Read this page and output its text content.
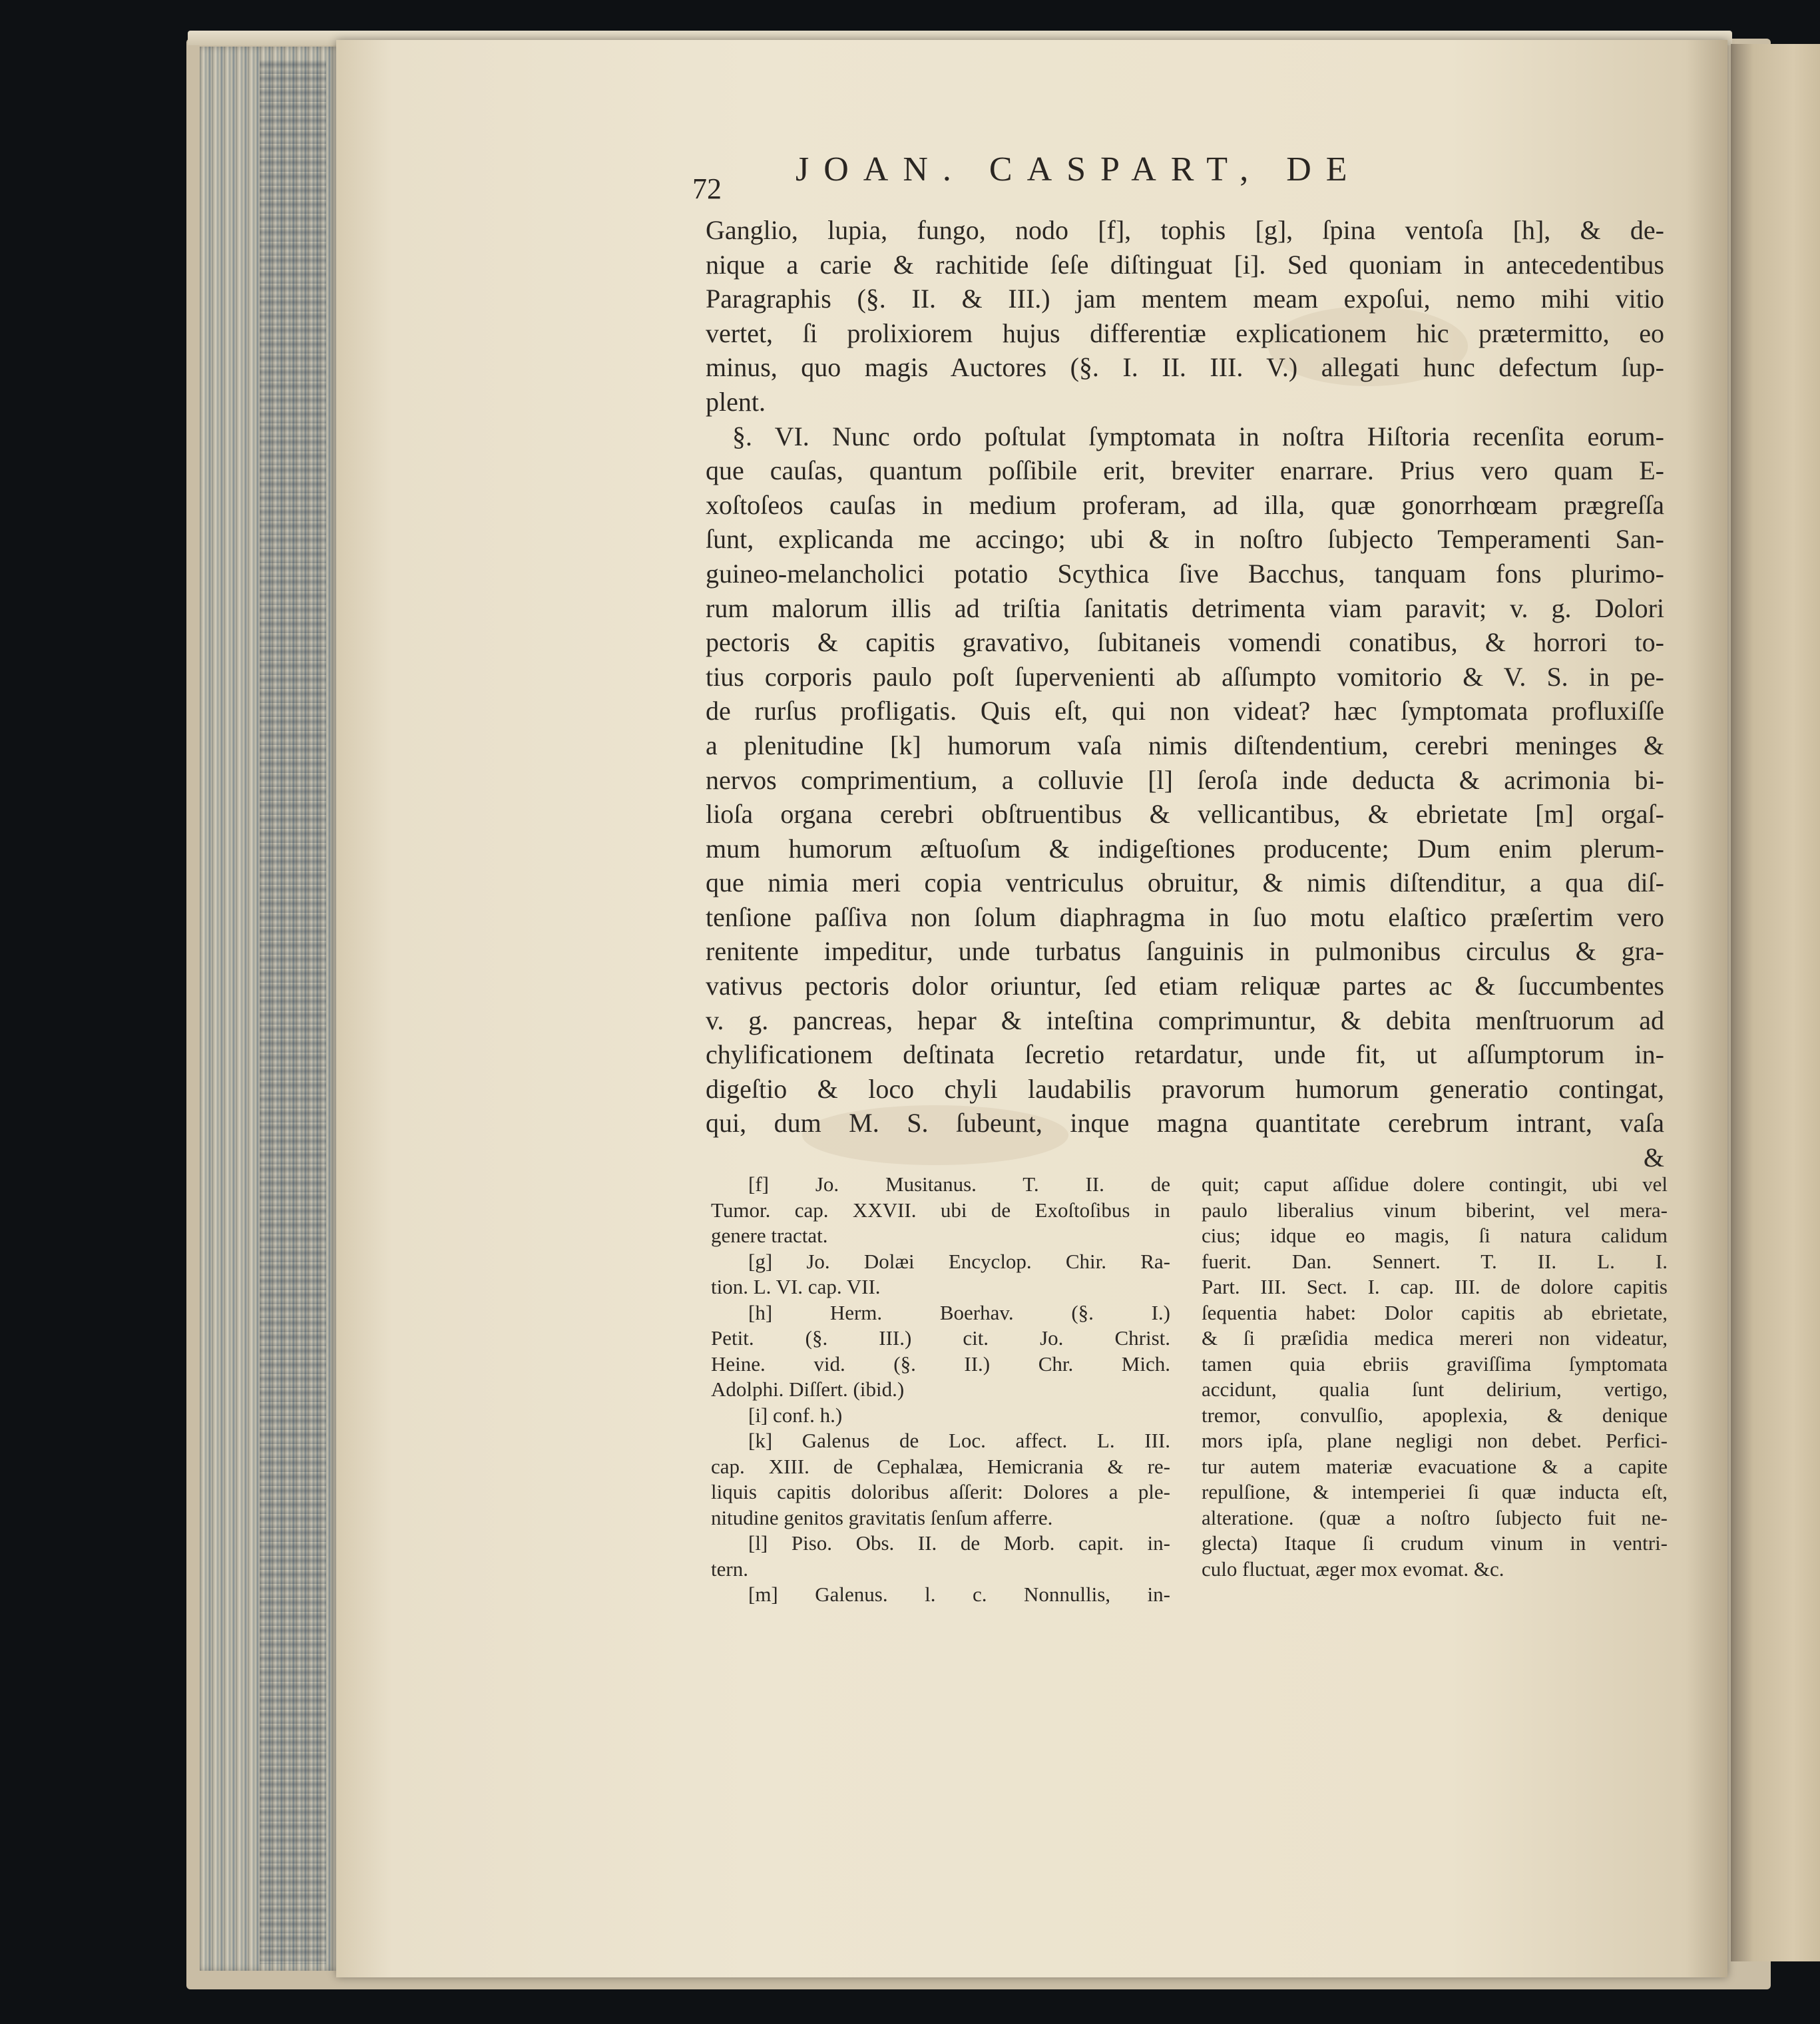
72
JOAN. CASPART, DE
Ganglio, lupia, fungo, nodo [f], tophis [g], ſpina ventoſa [h], & de-
nique a carie & rachitide ſeſe diſtinguat [i]. Sed quoniam in antecedentibus
Paragraphis (§. II. & III.) jam mentem meam expoſui, nemo mihi vitio
vertet, ſi prolixiorem hujus differentiæ explicationem hic prætermitto, eo
minus, quo magis Auctores (§. I. II. III. V.) allegati hunc defectum ſup-
plent.
§. VI. Nunc ordo poſtulat ſymptomata in noſtra Hiſtoria recenſita eorum-
que cauſas, quantum poſſibile erit, breviter enarrare. Prius vero quam E-
xoſtoſeos cauſas in medium proferam, ad illa, quæ gonorrhœam prægreſſa
ſunt, explicanda me accingo; ubi & in noſtro ſubjecto Temperamenti San-
guineo-melancholici potatio Scythica ſive Bacchus, tanquam fons plurimo-
rum malorum illis ad triſtia ſanitatis detrimenta viam paravit; v. g. Dolori
pectoris & capitis gravativo, ſubitaneis vomendi conatibus, & horrori to-
tius corporis paulo poſt ſupervenienti ab aſſumpto vomitorio & V. S. in pe-
de rurſus profligatis. Quis eſt, qui non videat? hæc ſymptomata profluxiſſe
a plenitudine [k] humorum vaſa nimis diſtendentium, cerebri meninges &
nervos comprimentium, a colluvie [l] ſeroſa inde deducta & acrimonia bi-
lioſa organa cerebri obſtruentibus & vellicantibus, & ebrietate [m] orgaſ-
mum humorum æſtuoſum & indigeſtiones producente; Dum enim plerum-
que nimia meri copia ventriculus obruitur, & nimis diſtenditur, a qua diſ-
tenſione paſſiva non ſolum diaphragma in ſuo motu elaſtico præſertim vero
renitente impeditur, unde turbatus ſanguinis in pulmonibus circulus & gra-
vativus pectoris dolor oriuntur, ſed etiam reliquæ partes ac & ſuccumbentes
v. g. pancreas, hepar & inteſtina comprimuntur, & debita menſtruorum ad
chylificationem deſtinata ſecretio retardatur, unde fit, ut aſſumptorum in-
digeſtio & loco chyli laudabilis pravorum humorum generatio contingat,
qui, dum M. S. ſubeunt, inque magna quantitate cerebrum intrant, vaſa
&
[f] Jo. Musitanus. T. II. de
Tumor. cap. XXVII. ubi de Exoſtoſibus in
genere tractat.
[g] Jo. Dolæi Encyclop. Chir. Ra-
tion. L. VI. cap. VII.
[h] Herm. Boerhav. (§. I.)
Petit. (§. III.) cit. Jo. Christ.
Heine. vid. (§. II.) Chr. Mich.
Adolphi. Diſſert. (ibid.)
[i] conf. h.)
[k] Galenus de Loc. affect. L. III.
cap. XIII. de Cephalæa, Hemicrania & re-
liquis capitis doloribus aſſerit: Dolores a ple-
nitudine genitos gravitatis ſenſum afferre.
[l] Piso. Obs. II. de Morb. capit. in-
tern.
[m] Galenus. l. c. Nonnullis, in-
quit; caput aſſidue dolere contingit, ubi vel
paulo liberalius vinum biberint, vel mera-
cius; idque eo magis, ſi natura calidum
fuerit. Dan. Sennert. T. II. L. I.
Part. III. Sect. I. cap. III. de dolore capitis
ſequentia habet: Dolor capitis ab ebrietate,
& ſi præſidia medica mereri non videatur,
tamen quia ebriis graviſſima ſymptomata
accidunt, qualia ſunt delirium, vertigo,
tremor, convulſio, apoplexia, & denique
mors ipſa, plane negligi non debet. Perfici-
tur autem materiæ evacuatione & a capite
repulſione, & intemperiei ſi quæ inducta eſt,
alteratione. (quæ a noſtro ſubjecto fuit ne-
glecta) Itaque ſi crudum vinum in ventri-
culo fluctuat, æger mox evomat. &c.
